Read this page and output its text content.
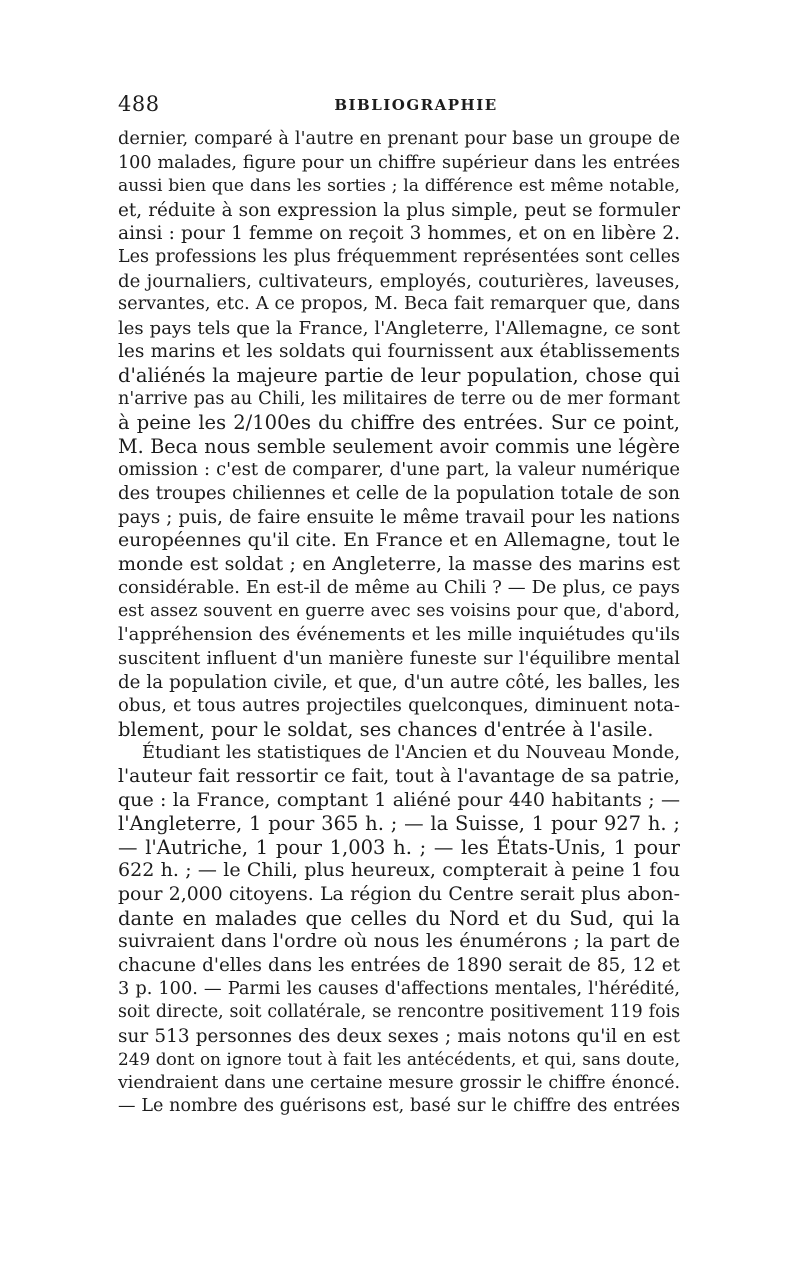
488	BIBLIOGRAPHIE
dernier, comparé à l'autre en prenant pour base un groupe de
100 malades, figure pour un chiffre supérieur dans les entrées
aussi bien que dans les sorties ; la différence est même notable,
et, réduite à son expression la plus simple, peut se formuler
ainsi : pour 1 femme on reçoit 3 hommes, et on en libère 2.
Les professions les plus fréquemment représentées sont celles
de journaliers, cultivateurs, employés, couturières, laveuses,
servantes, etc. A ce propos, M. Beca fait remarquer que, dans
les pays tels que la France, l'Angleterre, l'Allemagne, ce sont
les marins et les soldats qui fournissent aux établissements
d'aliénés la majeure partie de leur population, chose qui
n'arrive pas au Chili, les militaires de terre ou de mer formant
à peine les 2/100es du chiffre des entrées. Sur ce point,
M. Beca nous semble seulement avoir commis une légère
omission : c'est de comparer, d'une part, la valeur numérique
des troupes chiliennes et celle de la population totale de son
pays ; puis, de faire ensuite le même travail pour les nations
européennes qu'il cite. En France et en Allemagne, tout le
monde est soldat ; en Angleterre, la masse des marins est
considérable. En est-il de même au Chili ? — De plus, ce pays
est assez souvent en guerre avec ses voisins pour que, d'abord,
l'appréhension des événements et les mille inquiétudes qu'ils
suscitent influent d'un manière funeste sur l'équilibre mental
de la population civile, et que, d'un autre côté, les balles, les
obus, et tous autres projectiles quelconques, diminuent nota-
blement, pour le soldat, ses chances d'entrée à l'asile.
Étudiant les statistiques de l'Ancien et du Nouveau Monde,
l'auteur fait ressortir ce fait, tout à l'avantage de sa patrie,
que : la France, comptant 1 aliéné pour 440 habitants ; —
l'Angleterre, 1 pour 365 h. ; — la Suisse, 1 pour 927 h. ;
— l'Autriche, 1 pour 1,003 h. ; — les États-Unis, 1 pour
622 h. ; — le Chili, plus heureux, compterait à peine 1 fou
pour 2,000 citoyens. La région du Centre serait plus abon-
dante en malades que celles du Nord et du Sud, qui la
suivraient dans l'ordre où nous les énumérons ; la part de
chacune d'elles dans les entrées de 1890 serait de 85, 12 et
3 p. 100. — Parmi les causes d'affections mentales, l'hérédité,
soit directe, soit collatérale, se rencontre positivement 119 fois
sur 513 personnes des deux sexes ; mais notons qu'il en est
249 dont on ignore tout à fait les antécédents, et qui, sans doute,
viendraient dans une certaine mesure grossir le chiffre énoncé.
— Le nombre des guérisons est, basé sur le chiffre des entrées
